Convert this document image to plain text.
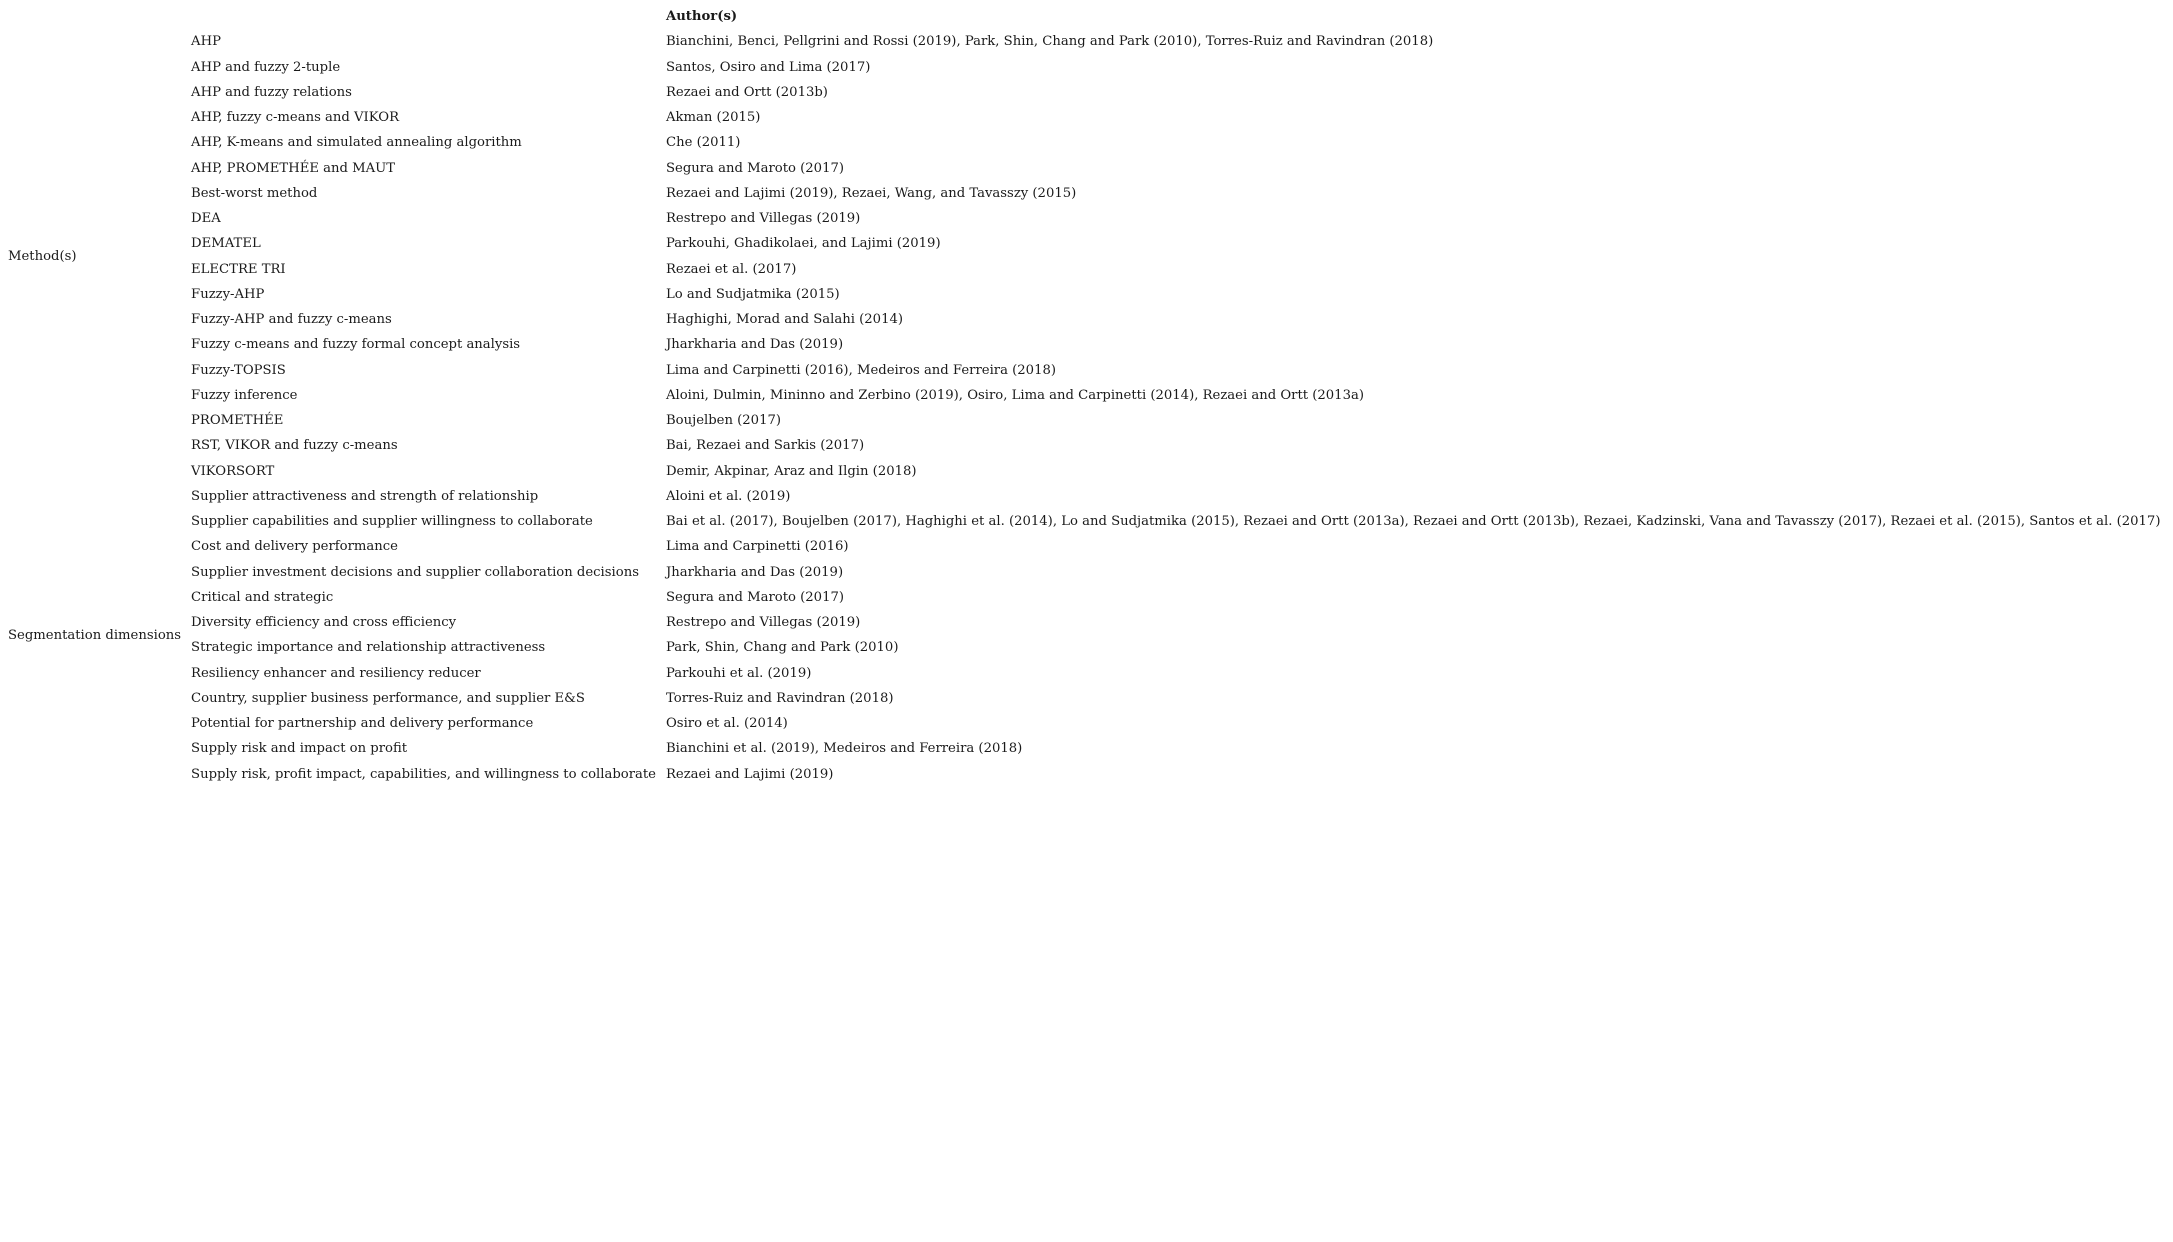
		Author(s)
Method(s)	AHP	Bianchini, Benci, Pellgrini and Rossi (2019), Park, Shin, Chang and Park (2010), Torres-Ruiz and Ravindran (2018)
	AHP and fuzzy 2-tuple	Santos, Osiro and Lima (2017)
	AHP and fuzzy relations	Rezaei and Ortt (2013b)
	AHP, fuzzy c-means and VIKOR	Akman (2015)
	AHP, K-means and simulated annealing algorithm	Che (2011)
	AHP, PROMETHÉE and MAUT	Segura and Maroto (2017)
	Best-worst method	Rezaei and Lajimi (2019), Rezaei, Wang, and Tavasszy (2015)
	DEA	Restrepo and Villegas (2019)
	DEMATEL	Parkouhi, Ghadikolaei, and Lajimi (2019)
	ELECTRE TRI	Rezaei et al. (2017)
	Fuzzy-AHP	Lo and Sudjatmika (2015)
	Fuzzy-AHP and fuzzy c-means	Haghighi, Morad and Salahi (2014)
	Fuzzy c-means and fuzzy formal concept analysis	Jharkharia and Das (2019)
	Fuzzy-TOPSIS	Lima and Carpinetti (2016), Medeiros and Ferreira (2018)
	Fuzzy inference	Aloini, Dulmin, Mininno and Zerbino (2019), Osiro, Lima and Carpinetti (2014), Rezaei and Ortt (2013a)
	PROMETHÉE	Boujelben (2017)
	RST, VIKOR and fuzzy c-means	Bai, Rezaei and Sarkis (2017)
	VIKORSORT	Demir, Akpinar, Araz and Ilgin (2018)
Segmentation dimensions	Supplier attractiveness and strength of relationship	Aloini et al. (2019)
	Supplier capabilities and supplier willingness to collaborate	Bai et al. (2017), Boujelben (2017), Haghighi et al. (2014), Lo and Sudjatmika (2015), Rezaei and Ortt (2013a), Rezaei and Ortt (2013b), Rezaei, Kadzinski, Vana and Tavasszy (2017), Rezaei et al. (2015), Santos et al. (2017)
	Cost and delivery performance	Lima and Carpinetti (2016)
	Supplier investment decisions and supplier collaboration decisions	Jharkharia and Das (2019)
	Critical and strategic	Segura and Maroto (2017)
	Diversity efficiency and cross efficiency	Restrepo and Villegas (2019)
	Strategic importance and relationship attractiveness	Park, Shin, Chang and Park (2010)
	Resiliency enhancer and resiliency reducer	Parkouhi et al. (2019)
	Country, supplier business performance, and supplier E&S	Torres-Ruiz and Ravindran (2018)
	Potential for partnership and delivery performance	Osiro et al. (2014)
	Supply risk and impact on profit	Bianchini et al. (2019), Medeiros and Ferreira (2018)
	Supply risk, profit impact, capabilities, and willingness to collaborate	Rezaei and Lajimi (2019)
